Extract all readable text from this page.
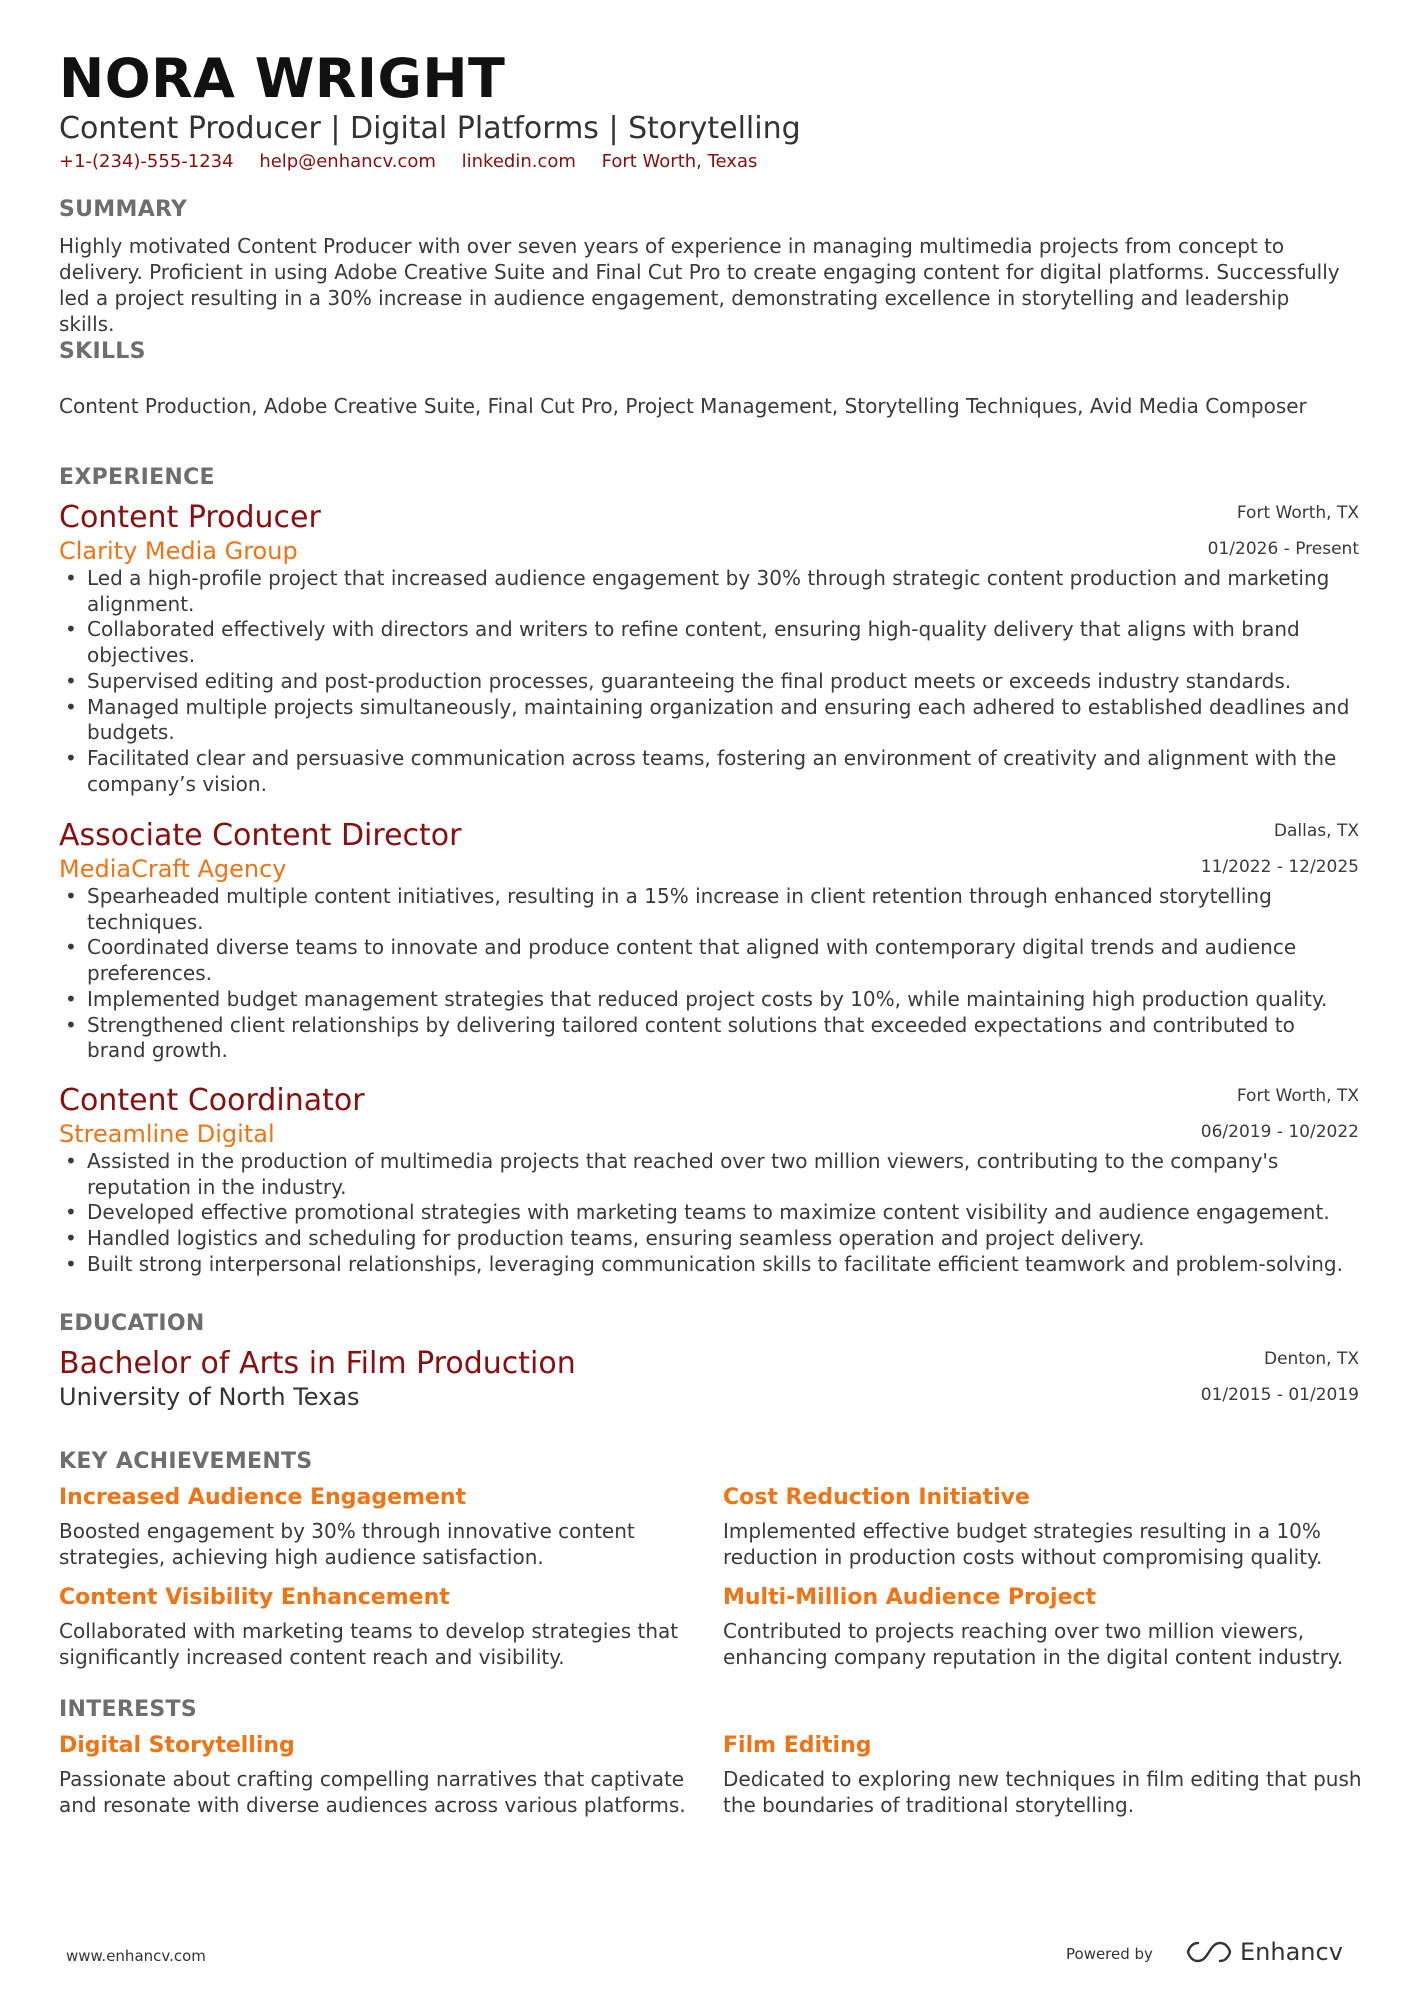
NORA WRIGHT
Content Producer | Digital Platforms | Storytelling
+1-(234)-555-1234 help@enhancv.com linkedin.com Fort Worth, Texas
SUMMARY
Highly motivated Content Producer with over seven years of experience in managing multimedia projects from concept to delivery. Proficient in using Adobe Creative Suite and Final Cut Pro to create engaging content for digital platforms. Successfully led a project resulting in a 30% increase in audience engagement, demonstrating excellence in storytelling and leadership skills.
SKILLS
Content Production, Adobe Creative Suite, Final Cut Pro, Project Management, Storytelling Techniques, Avid Media Composer
EXPERIENCE
Content Producer
Clarity Media Group
Fort Worth, TX
01/2026 - Present
• Led a high-profile project that increased audience engagement by 30% through strategic content production and marketing alignment.
• Collaborated effectively with directors and writers to refine content, ensuring high-quality delivery that aligns with brand objectives.
• Supervised editing and post-production processes, guaranteeing the final product meets or exceeds industry standards.
• Managed multiple projects simultaneously, maintaining organization and ensuring each adhered to established deadlines and budgets.
• Facilitated clear and persuasive communication across teams, fostering an environment of creativity and alignment with the company’s vision.
Associate Content Director
MediaCraft Agency
Dallas, TX
11/2022 - 12/2025
• Spearheaded multiple content initiatives, resulting in a 15% increase in client retention through enhanced storytelling techniques.
• Coordinated diverse teams to innovate and produce content that aligned with contemporary digital trends and audience preferences.
• Implemented budget management strategies that reduced project costs by 10%, while maintaining high production quality.
• Strengthened client relationships by delivering tailored content solutions that exceeded expectations and contributed to brand growth.
Content Coordinator
Streamline Digital
Fort Worth, TX
06/2019 - 10/2022
• Assisted in the production of multimedia projects that reached over two million viewers, contributing to the company's reputation in the industry.
• Developed effective promotional strategies with marketing teams to maximize content visibility and audience engagement.
• Handled logistics and scheduling for production teams, ensuring seamless operation and project delivery.
• Built strong interpersonal relationships, leveraging communication skills to facilitate efficient teamwork and problem-solving.
EDUCATION
Bachelor of Arts in Film Production
University of North Texas
Denton, TX
01/2015 - 01/2019
KEY ACHIEVEMENTS
Increased Audience Engagement
Boosted engagement by 30% through innovative content strategies, achieving high audience satisfaction.
Cost Reduction Initiative
Implemented effective budget strategies resulting in a 10% reduction in production costs without compromising quality.
Content Visibility Enhancement
Collaborated with marketing teams to develop strategies that significantly increased content reach and visibility.
Multi-Million Audience Project
Contributed to projects reaching over two million viewers, enhancing company reputation in the digital content industry.
INTERESTS
Digital Storytelling
Passionate about crafting compelling narratives that captivate and resonate with diverse audiences across various platforms.
Film Editing
Dedicated to exploring new techniques in film editing that push the boundaries of traditional storytelling.
www.enhancv.com	Powered by	Enhancv
